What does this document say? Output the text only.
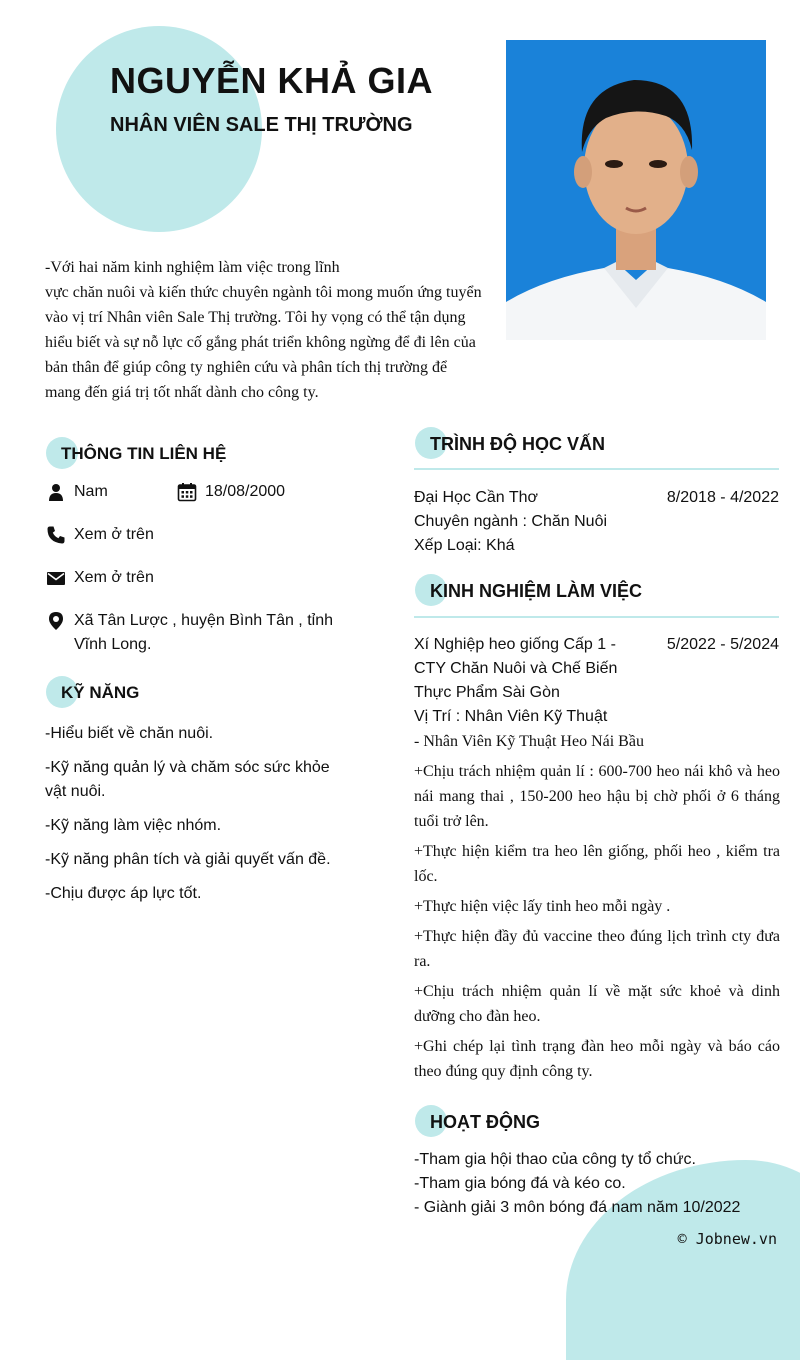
NGUYỄN KHẢ GIA
NHÂN VIÊN SALE THỊ TRƯỜNG

-Với hai năm kinh nghiệm làm việc trong lĩnh
vực chăn nuôi và kiến thức chuyên ngành tôi mong muốn ứng tuyển vào vị trí Nhân viên Sale Thị trường. Tôi hy vọng có thể tận dụng hiểu biết và sự nỗ lực cố gắng phát triển không ngừng để đi lên của bản thân để giúp công ty nghiên cứu và phân tích thị trường để mang đến giá trị tốt nhất dành cho công ty.

THÔNG TIN LIÊN HỆ
Nam	18/08/2000
Xem ở trên
Xem ở trên
Xã Tân Lược , huyện Bình Tân , tỉnh Vĩnh Long.
KỸ NĂNG
-Hiểu biết về chăn nuôi.
-Kỹ năng quản lý và chăm sóc sức khỏe vật nuôi.
-Kỹ năng làm việc nhóm.
-Kỹ năng phân tích và giải quyết vấn đề.
-Chịu được áp lực tốt.
TRÌNH ĐỘ HỌC VẤN
8/2018 - 4/2022
Đại Học Cần Thơ
Chuyên ngành : Chăn Nuôi
Xếp Loại: Khá
KINH NGHIỆM LÀM VIỆC
5/2022 - 5/2024
Xí Nghiệp heo giống Cấp 1 - CTY Chăn Nuôi và Chế Biến Thực Phẩm Sài Gòn
Vị Trí : Nhân Viên Kỹ Thuật

- Nhân Viên Kỹ Thuật Heo Nái Bầu

+Chịu trách nhiệm quản lí : 600-700 heo nái khô và heo nái mang thai , 150-200 heo hậu bị chờ phối ở 6 tháng tuổi trở lên.

+Thực hiện kiểm tra heo lên giống, phối heo , kiểm tra lốc.

+Thực hiện việc lấy tinh heo mỗi ngày .

+Thực hiện đầy đủ vaccine theo đúng lịch trình cty đưa ra.

+Chịu trách nhiệm quản lí về mặt sức khoẻ và dinh dưỡng cho đàn heo.

+Ghi chép lại tình trạng đàn heo mỗi ngày và báo cáo theo đúng quy định công ty.

HOẠT ĐỘNG
-Tham gia hội thao của công ty tổ chức.
-Tham gia bóng đá và kéo co.
- Giành giải 3 môn bóng đá nam năm 10/2022
© Jobnew.vn
